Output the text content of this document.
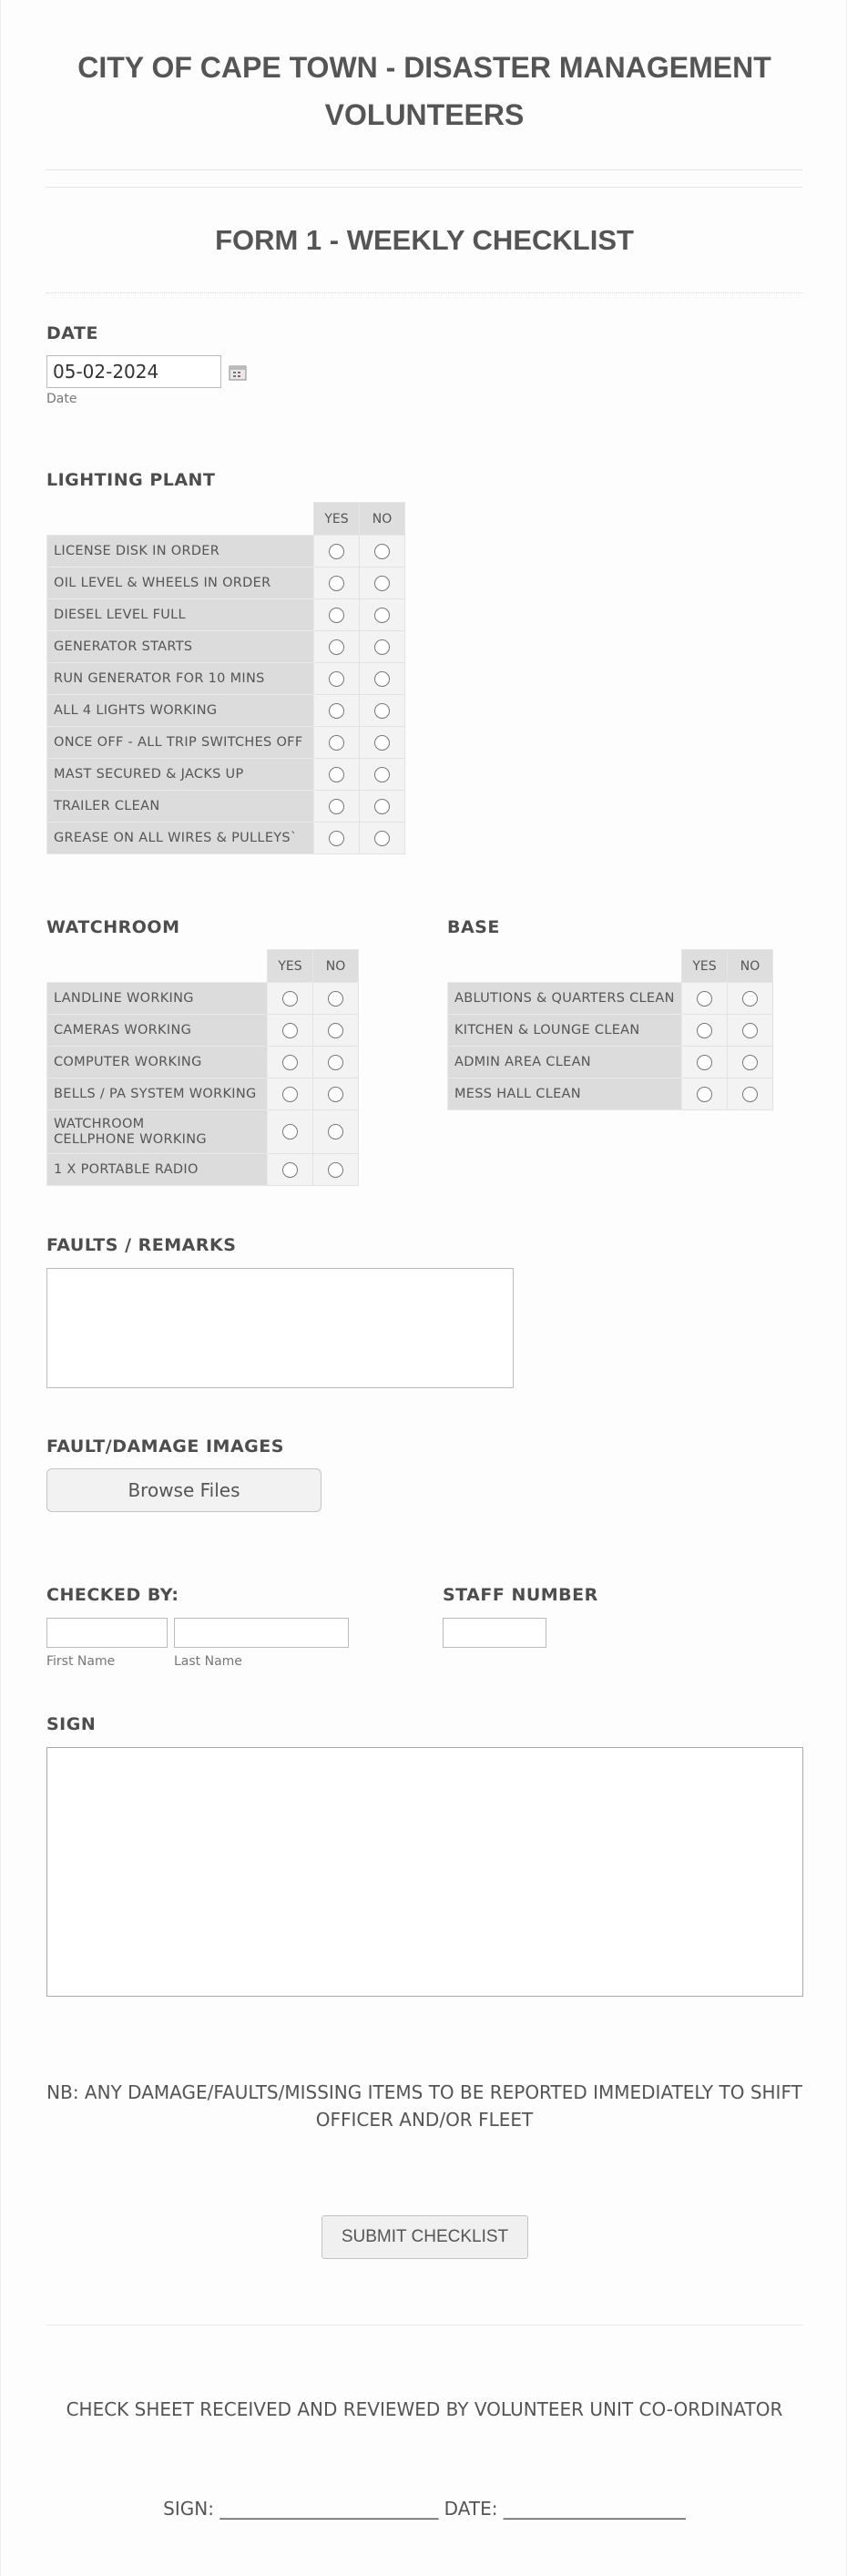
CITY OF CAPE TOWN - DISASTER MANAGEMENT VOLUNTEERS
FORM 1 - WEEKLY CHECKLIST
DATE
05-02-2024
Date
LIGHTING PLANT
	YES	NO
LICENSE DISK IN ORDER		
OIL LEVEL & WHEELS IN ORDER		
DIESEL LEVEL FULL		
GENERATOR STARTS		
RUN GENERATOR FOR 10 MINS		
ALL 4 LIGHTS WORKING		
ONCE OFF - ALL TRIP SWITCHES OFF		
MAST SECURED & JACKS UP		
TRAILER CLEAN		
GREASE ON ALL WIRES & PULLEYS`		
WATCHROOM
	YES	NO
LANDLINE WORKING		
CAMERAS WORKING		
COMPUTER WORKING		
BELLS / PA SYSTEM WORKING		
WATCHROOM
CELLPHONE WORKING		
1 X PORTABLE RADIO		
BASE
	YES	NO
ABLUTIONS & QUARTERS CLEAN		
KITCHEN & LOUNGE CLEAN		
ADMIN AREA CLEAN		
MESS HALL CLEAN		
FAULTS / REMARKS
FAULT/DAMAGE IMAGES
Browse Files
CHECKED BY:
First Name	Last Name
STAFF NUMBER
SIGN
NB: ANY DAMAGE/FAULTS/MISSING ITEMS TO BE REPORTED IMMEDIATELY TO SHIFT OFFICER AND/OR FLEET
SUBMIT CHECKLIST
CHECK SHEET RECEIVED AND REVIEWED BY VOLUNTEER UNIT CO-ORDINATOR
SIGN: ________________________ DATE: ____________________
